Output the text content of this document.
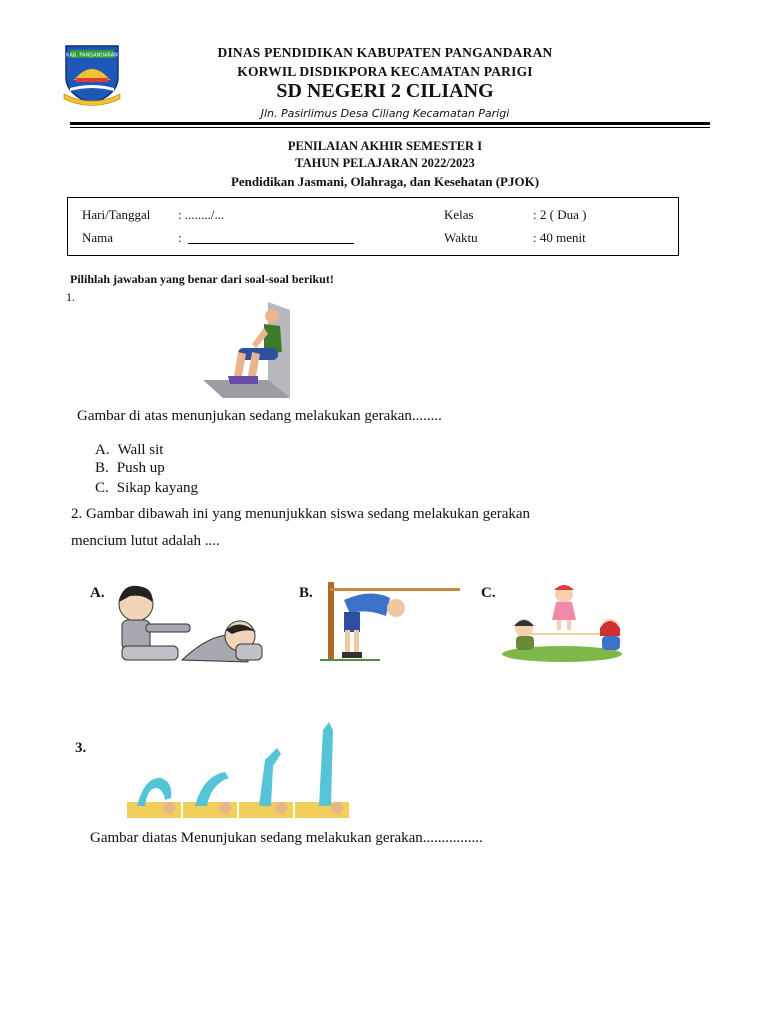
KAB. PANGANDARAN	DINAS PENDIDIKAN KABUPATEN PANGANDARAN
KORWIL DISDIKPORA KECAMATAN PARIGI
SD NEGERI 2 CILIANG
Jln. Pasirlimus Desa Ciliang Kecamatan Parigi
PENILAIAN AKHIR SEMESTER I
TAHUN PELAJARAN 2022/2023
Pendidikan Jasmani, Olahraga, dan Kesehatan (PJOK)
Hari/Tanggal : ......../...
Nama	:
Kelas	: 2 ( Dua )
Waktu	: 40 menit
Pilihlah jawaban yang benar dari soal-soal berikut!
1.
Gambar di atas menunjukan sedang melakukan gerakan........
A. Wall sit
B. Push up
C. Sikap kayang
2. Gambar dibawah ini yang menunjukkan siswa sedang melakukan gerakan
mencium lutut adalah ....
A.	B.	C.
3.
Gambar diatas Menunjukan sedang melakukan gerakan................
